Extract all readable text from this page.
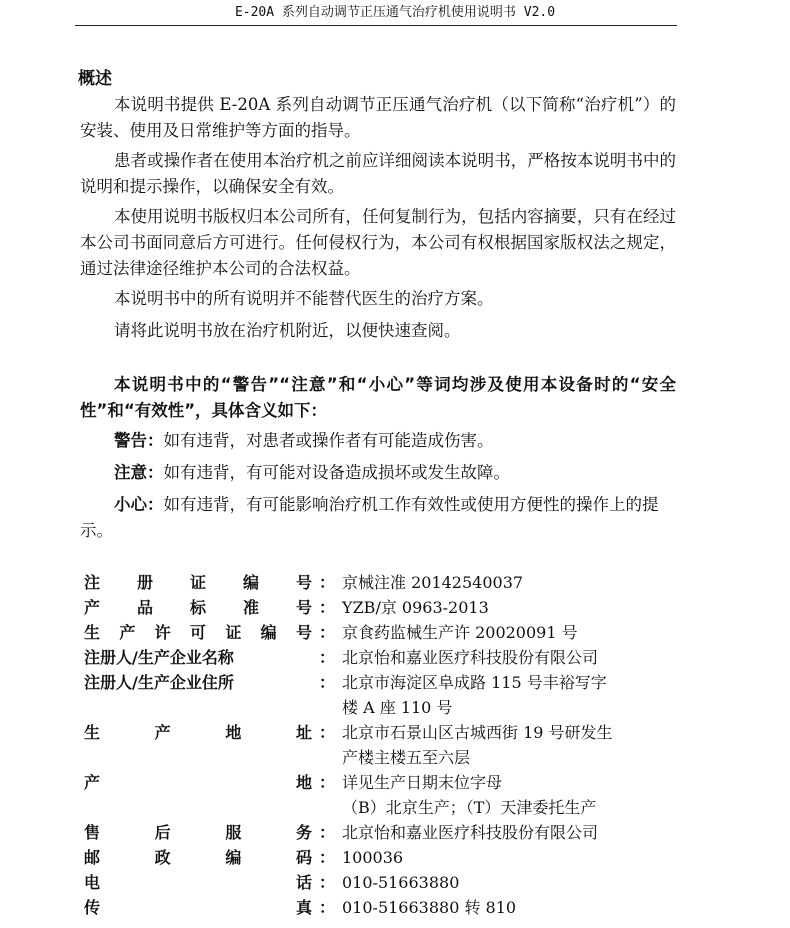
E-20A 系列自动调节正压通气治疗机使用说明书 V2.0
概述
本说明书提供 E-20A 系列自动调节正压通气治疗机（以下简称“治疗机”）的安装、使用及日常维护等方面的指导。
患者或操作者在使用本治疗机之前应详细阅读本说明书，严格按本说明书中的说明和提示操作，以确保安全有效。
本使用说明书版权归本公司所有，任何复制行为，包括内容摘要，只有在经过本公司书面同意后方可进行。任何侵权行为，本公司有权根据国家版权法之规定，通过法律途径维护本公司的合法权益。
本说明书中的所有说明并不能替代医生的治疗方案。
请将此说明书放在治疗机附近，以便快速查阅。
本说明书中的“警告”“注意”和“小心”等词均涉及使用本设备时的“安全性”和“有效性”，具体含义如下：
警告：如有违背，对患者或操作者有可能造成伤害。
注意：如有违背，有可能对设备造成损坏或发生故障。
小心：如有违背，有可能影响治疗机工作有效性或使用方便性的操作上的提示。
注 册 证 编 号 ： 京械注准 20142540037
产 品 标 准 号 ： YZB/京 0963-2013
生 产 许 可 证 编 号 ： 京食药监械生产许 20020091 号
注册人/生产企业名称	： 北京怡和嘉业医疗科技股份有限公司
注册人/生产企业住所	： 北京市海淀区阜成路 115 号丰裕写字
楼 A 座 110 号
生	产	地	址 ： 北京市石景山区古城西街 19 号研发生
产楼主楼五至六层
产	地 ： 详见生产日期末位字母
（B）北京生产；（T）天津委托生产
售	后	服	务 ： 北京怡和嘉业医疗科技股份有限公司
邮	政	编	码 ： 100036
电	话 ： 010-51663880
传	真 ： 010-51663880 转 810
